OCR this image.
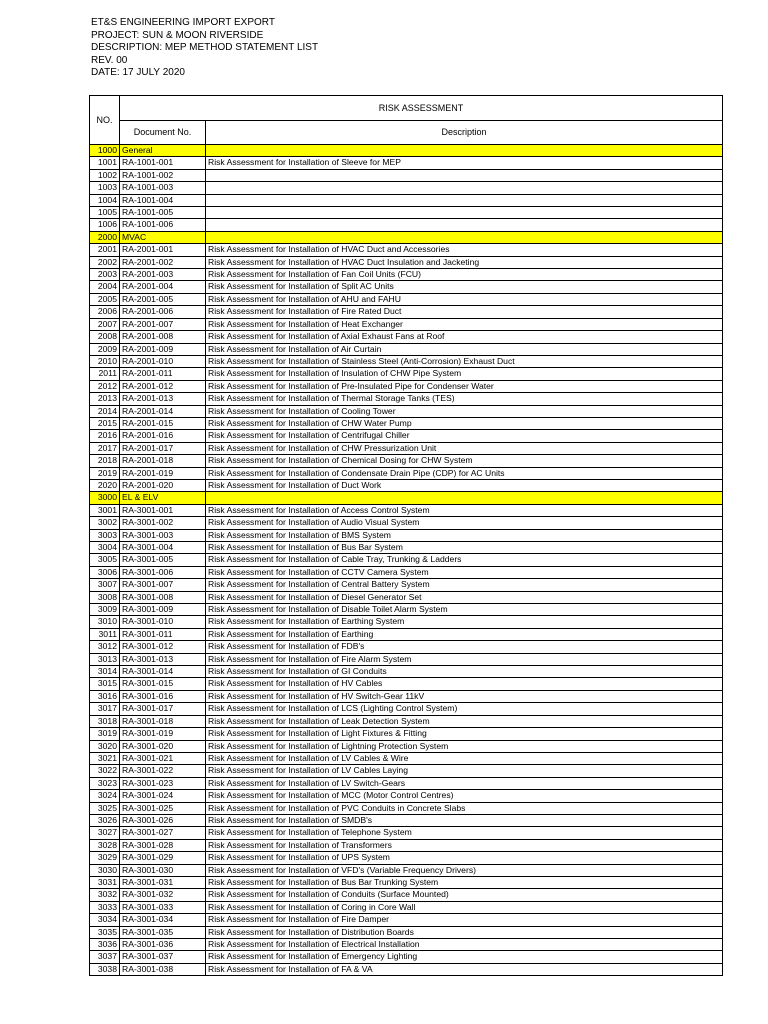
ET&S ENGINEERING IMPORT EXPORT
PROJECT: SUN & MOON RIVERSIDE
DESCRIPTION: MEP METHOD STATEMENT LIST
REV. 00
DATE: 17 JULY 2020
NO.	RISK ASSESSMENT	
	Document No.	Description
1000	General	
1001	RA-1001-001	Risk Assessment for Installation of Sleeve for MEP
1002	RA-1001-002	
1003	RA-1001-003	
1004	RA-1001-004	
1005	RA-1001-005	
1006	RA-1001-006	
2000	MVAC	
2001	RA-2001-001	Risk Assessment for Installation of HVAC Duct and Accessories
2002	RA-2001-002	Risk Assessment for Installation of HVAC Duct Insulation and Jacketing
2003	RA-2001-003	Risk Assessment for Installation of Fan Coil Units (FCU)
2004	RA-2001-004	Risk Assessment for Installation of Split AC Units
2005	RA-2001-005	Risk Assessment for Installation of AHU and FAHU
2006	RA-2001-006	Risk Assessment for Installation of Fire Rated Duct
2007	RA-2001-007	Risk Assessment for Installation of Heat Exchanger
2008	RA-2001-008	Risk Assessment for Installation of Axial Exhaust Fans at Roof
2009	RA-2001-009	Risk Assessment for Installation of Air Curtain
2010	RA-2001-010	Risk Assessment for Installation of Stainless Steel (Anti-Corrosion) Exhaust Duct
2011	RA-2001-011	Risk Assessment for Installation of Insulation of CHW Pipe System
2012	RA-2001-012	Risk Assessment for Installation of Pre-Insulated Pipe for Condenser Water
2013	RA-2001-013	Risk Assessment for Installation of Thermal Storage Tanks (TES)
2014	RA-2001-014	Risk Assessment for Installation of Cooling Tower
2015	RA-2001-015	Risk Assessment for Installation of CHW Water Pump
2016	RA-2001-016	Risk Assessment for Installation of Centrifugal Chiller
2017	RA-2001-017	Risk Assessment for Installation of CHW Pressurization Unit
2018	RA-2001-018	Risk Assessment for Installation of Chemical Dosing for CHW System
2019	RA-2001-019	Risk Assessment for Installation of Condensate Drain Pipe (CDP) for AC Units
2020	RA-2001-020	Risk Assessment for Installation of Duct Work
3000	EL & ELV	
3001	RA-3001-001	Risk Assessment for Installation of Access Control System
3002	RA-3001-002	Risk Assessment for Installation of Audio Visual System
3003	RA-3001-003	Risk Assessment for Installation of BMS System
3004	RA-3001-004	Risk Assessment for Installation of Bus Bar System
3005	RA-3001-005	Risk Assessment for Installation of Cable Tray, Trunking & Ladders
3006	RA-3001-006	Risk Assessment for Installation of CCTV Camera System
3007	RA-3001-007	Risk Assessment for Installation of Central Battery System
3008	RA-3001-008	Risk Assessment for Installation of Diesel Generator Set
3009	RA-3001-009	Risk Assessment for Installation of Disable Toilet Alarm System
3010	RA-3001-010	Risk Assessment for Installation of Earthing System
3011	RA-3001-011	Risk Assessment for Installation of Earthing
3012	RA-3001-012	Risk Assessment for Installation of FDB's
3013	RA-3001-013	Risk Assessment for Installation of Fire Alarm System
3014	RA-3001-014	Risk Assessment for Installation of GI Conduits
3015	RA-3001-015	Risk Assessment for Installation of HV Cables
3016	RA-3001-016	Risk Assessment for Installation of HV Switch-Gear 11kV
3017	RA-3001-017	Risk Assessment for Installation of LCS (Lighting Control System)
3018	RA-3001-018	Risk Assessment for Installation of Leak Detection System
3019	RA-3001-019	Risk Assessment for Installation of Light Fixtures & Fitting
3020	RA-3001-020	Risk Assessment for Installation of Lightning Protection System
3021	RA-3001-021	Risk Assessment for Installation of LV Cables & Wire
3022	RA-3001-022	Risk Assessment for Installation of LV Cables Laying
3023	RA-3001-023	Risk Assessment for Installation of LV Switch-Gears
3024	RA-3001-024	Risk Assessment for Installation of MCC (Motor Control Centres)
3025	RA-3001-025	Risk Assessment for Installation of PVC Conduits in Concrete Slabs
3026	RA-3001-026	Risk Assessment for Installation of SMDB's
3027	RA-3001-027	Risk Assessment for Installation of Telephone System
3028	RA-3001-028	Risk Assessment for Installation of Transformers
3029	RA-3001-029	Risk Assessment for Installation of UPS System
3030	RA-3001-030	Risk Assessment for Installation of VFD's (Variable Frequency Drivers)
3031	RA-3001-031	Risk Assessment for Installation of Bus Bar Trunking System
3032	RA-3001-032	Risk Assessment for Installation of Conduits (Surface Mounted)
3033	RA-3001-033	Risk Assessment for Installation of Coring in Core Wall
3034	RA-3001-034	Risk Assessment for Installation of Fire Damper
3035	RA-3001-035	Risk Assessment for Installation of Distribution Boards
3036	RA-3001-036	Risk Assessment for Installation of Electrical Installation
3037	RA-3001-037	Risk Assessment for Installation of Emergency Lighting
3038	RA-3001-038	Risk Assessment for Installation of FA & VA
